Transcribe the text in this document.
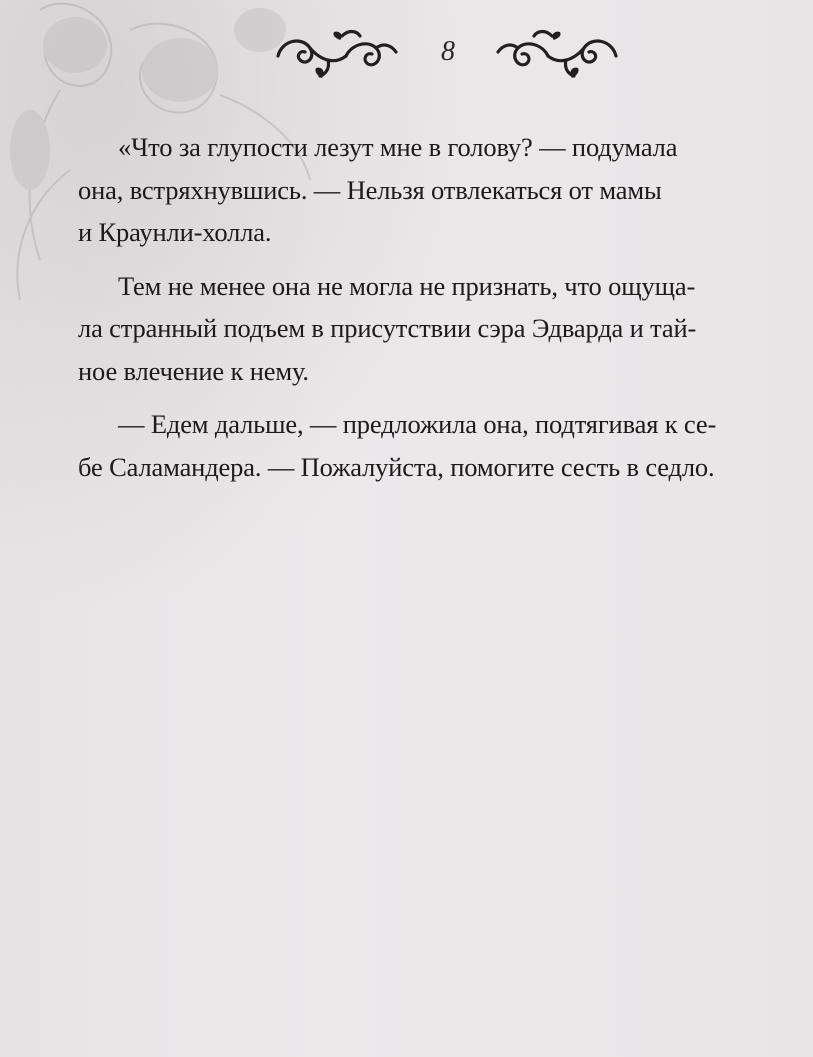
8
«Что за глупости лезут мне в голову? — подумала
она, встряхнувшись. — Нельзя отвлекаться от мамы
и Краунли-холла.
Тем не менее она не могла не признать, что ощуща-
ла странный подъем в присутствии сэра Эдварда и тай-
ное влечение к нему.
— Едем дальше, — предложила она, подтягивая к се-
бе Саламандера. — Пожалуйста, помогите сесть в седло.
